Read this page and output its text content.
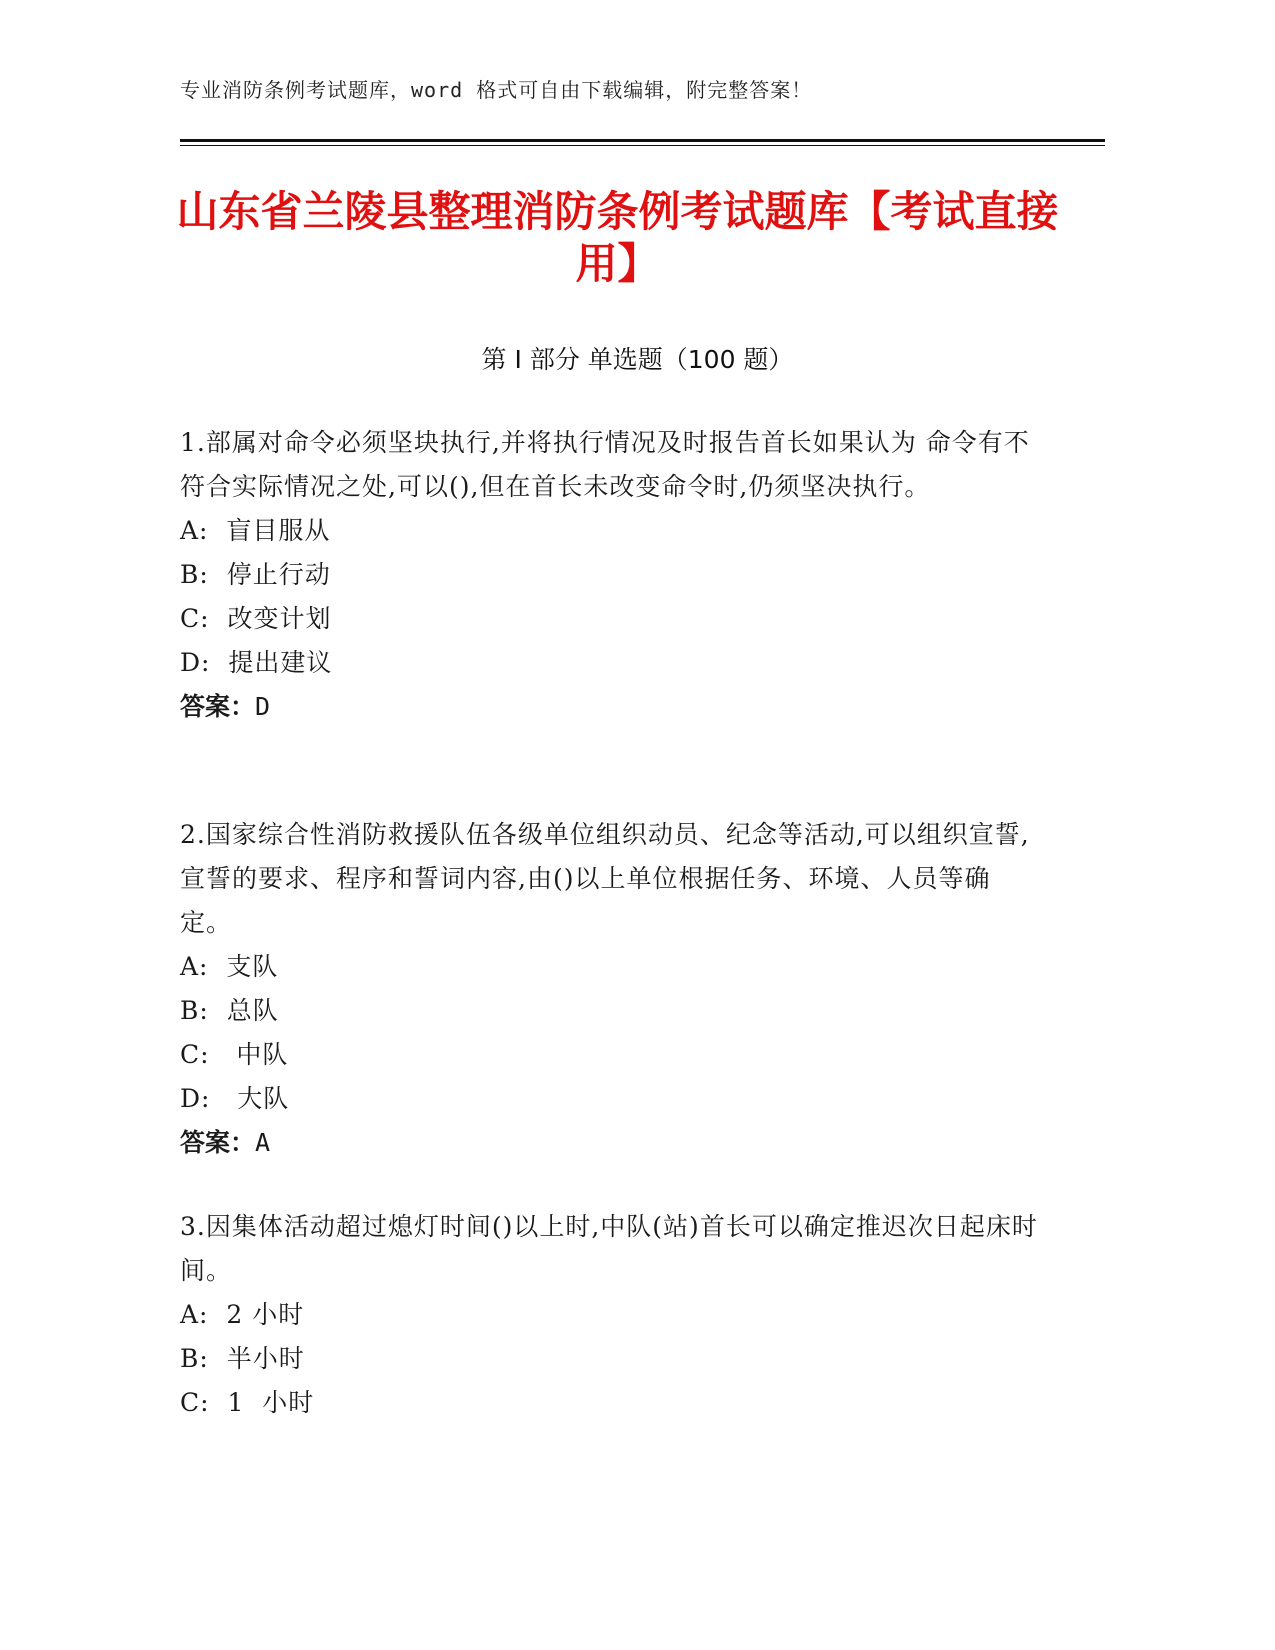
专业消防条例考试题库，word 格式可自由下载编辑，附完整答案！
山东省兰陵县整理消防条例考试题库【考试直接用】
第 I 部分 单选题（100 题）

1.部属对命令必须坚块执行,并将执行情况及时报告首长如果认为 命令有不符合实际情况之处,可以(),但在首长未改变命令时,仍须坚决执行。

A:  盲目服从
B:  停止行动
C:  改变计划
D:  提出建议
答案：D

2.国家综合性消防救援队伍各级单位组织动员、纪念等活动,可以组织宣誓,宣誓的要求、程序和誓词内容,由()以上单位根据任务、环境、人员等确定。

A:  支队
B:  总队
C:   中队
D:   大队
答案：A

3.因集体活动超过熄灯时间()以上时,中队(站)首长可以确定推迟次日起床时间。

A:  2 小时
B:  半小时
C:  1  小时
